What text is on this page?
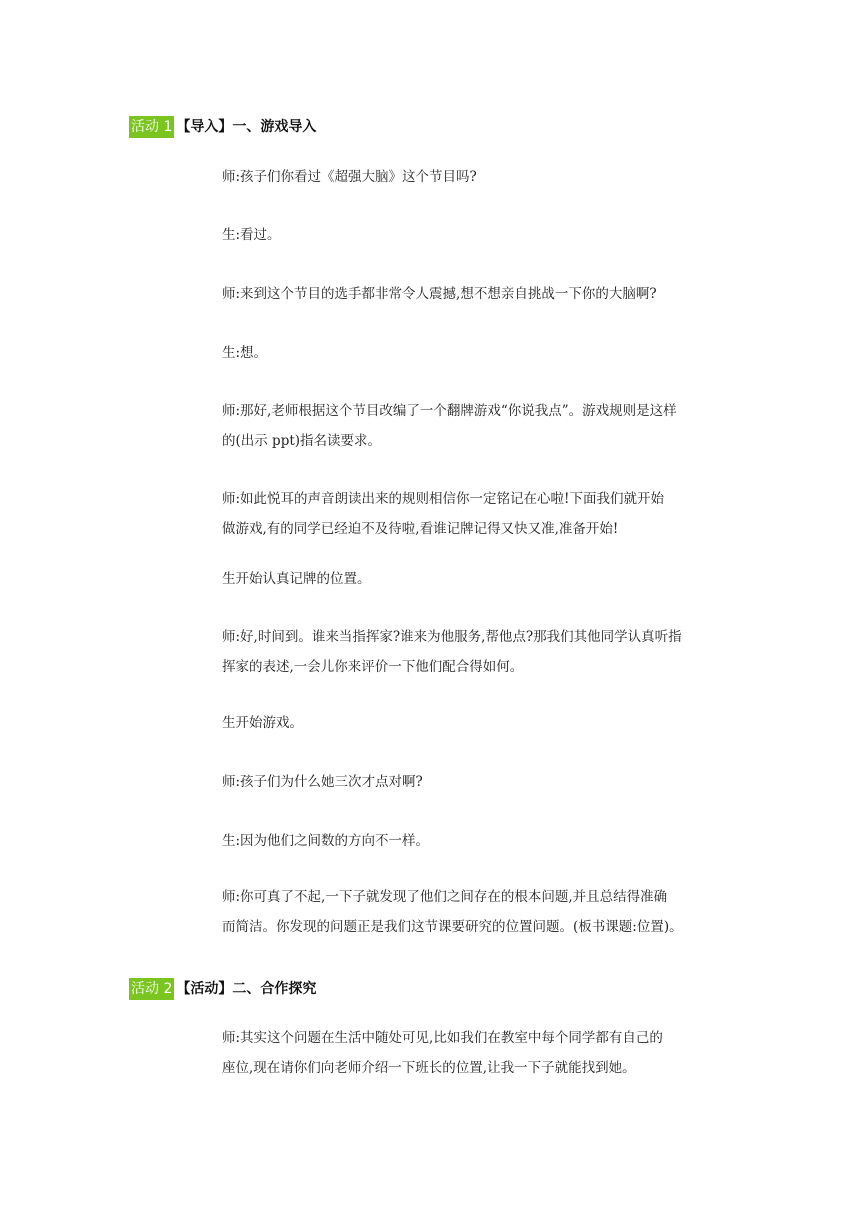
活动 1 【导入】一、游戏导入
师:孩子们你看过《超强大脑》这个节目吗?
生:看过。
师:来到这个节目的选手都非常令人震撼,想不想亲自挑战一下你的大脑啊?
生:想。
师:那好,老师根据这个节目改编了一个翻牌游戏“你说我点”。游戏规则是这样
的(出示 ppt)指名读要求。
师:如此悦耳的声音朗读出来的规则相信你一定铭记在心啦!下面我们就开始
做游戏,有的同学已经迫不及待啦,看谁记牌记得又快又准,准备开始!
生开始认真记牌的位置。
师:好,时间到。谁来当指挥家?谁来为他服务,帮他点?那我们其他同学认真听指
挥家的表述,一会儿你来评价一下他们配合得如何。
生开始游戏。
师:孩子们为什么她三次才点对啊?
生:因为他们之间数的方向不一样。
师:你可真了不起,一下子就发现了他们之间存在的根本问题,并且总结得准确
而简洁。你发现的问题正是我们这节课要研究的位置问题。(板书课题:位置)。
活动 2 【活动】二、合作探究
师:其实这个问题在生活中随处可见,比如我们在教室中每个同学都有自己的
座位,现在请你们向老师介绍一下班长的位置,让我一下子就能找到她。
